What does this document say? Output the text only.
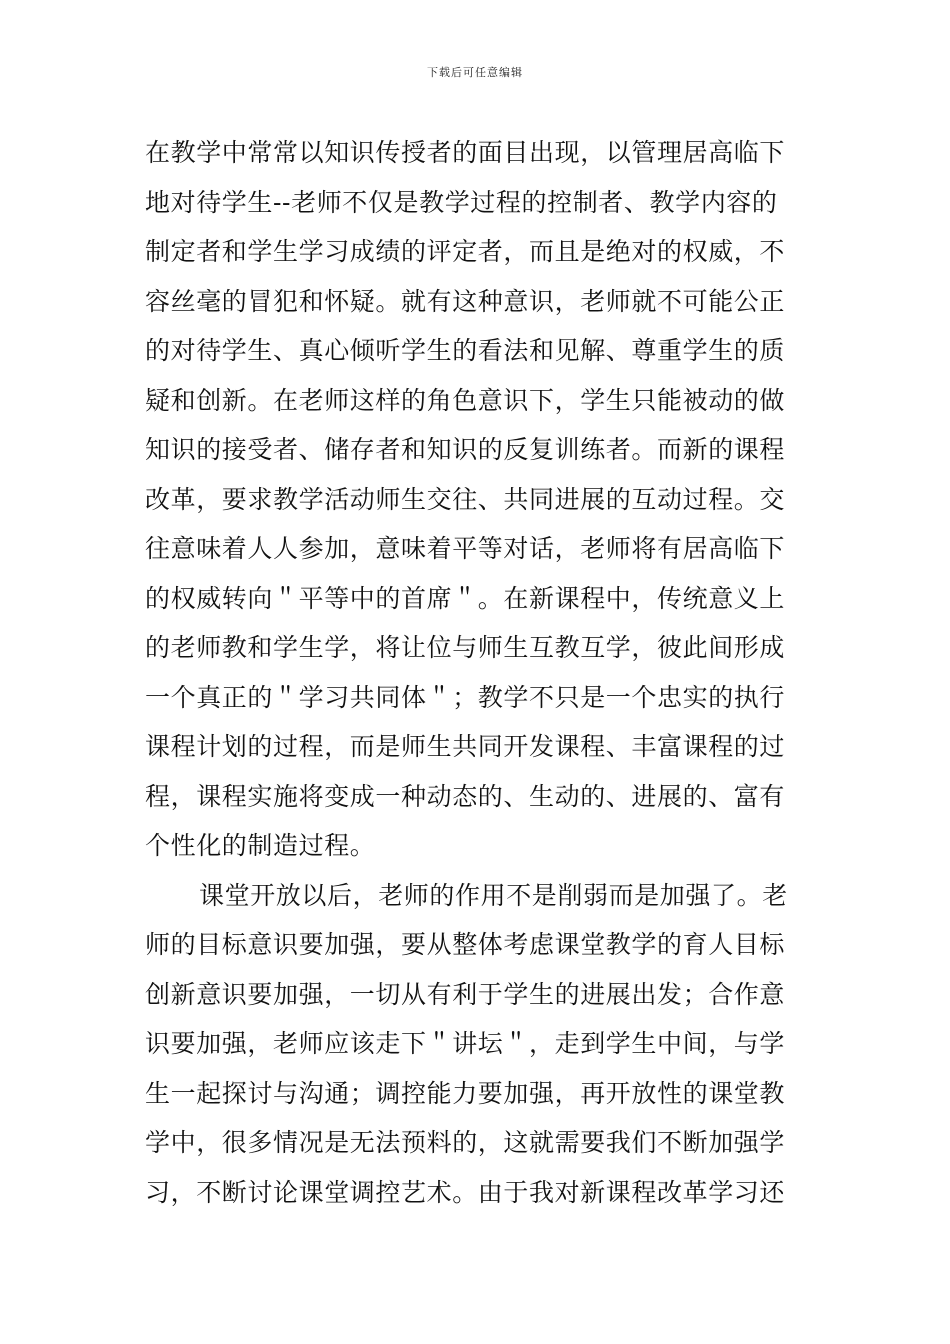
下载后可任意编辑
在教学中常常以知识传授者的面目出现，以管理居高临下
地对待学生--老师不仅是教学过程的控制者、教学内容的
制定者和学生学习成绩的评定者，而且是绝对的权威，不
容丝毫的冒犯和怀疑。就有这种意识，老师就不可能公正
的对待学生、真心倾听学生的看法和见解、尊重学生的质
疑和创新。在老师这样的角色意识下，学生只能被动的做
知识的接受者、储存者和知识的反复训练者。而新的课程
改革，要求教学活动师生交往、共同进展的互动过程。交
往意味着人人参加，意味着平等对话，老师将有居高临下
的权威转向＂平等中的首席＂。在新课程中，传统意义上
的老师教和学生学，将让位与师生互教互学，彼此间形成
一个真正的＂学习共同体＂；教学不只是一个忠实的执行
课程计划的过程，而是师生共同开发课程、丰富课程的过
程，课程实施将变成一种动态的、生动的、进展的、富有
个性化的制造过程。
课堂开放以后，老师的作用不是削弱而是加强了。老
师的目标意识要加强，要从整体考虑课堂教学的育人目标
创新意识要加强，一切从有利于学生的进展出发；合作意
识要加强，老师应该走下＂讲坛＂，走到学生中间，与学
生一起探讨与沟通；调控能力要加强，再开放性的课堂教
学中，很多情况是无法预料的，这就需要我们不断加强学
习，不断讨论课堂调控艺术。由于我对新课程改革学习还
